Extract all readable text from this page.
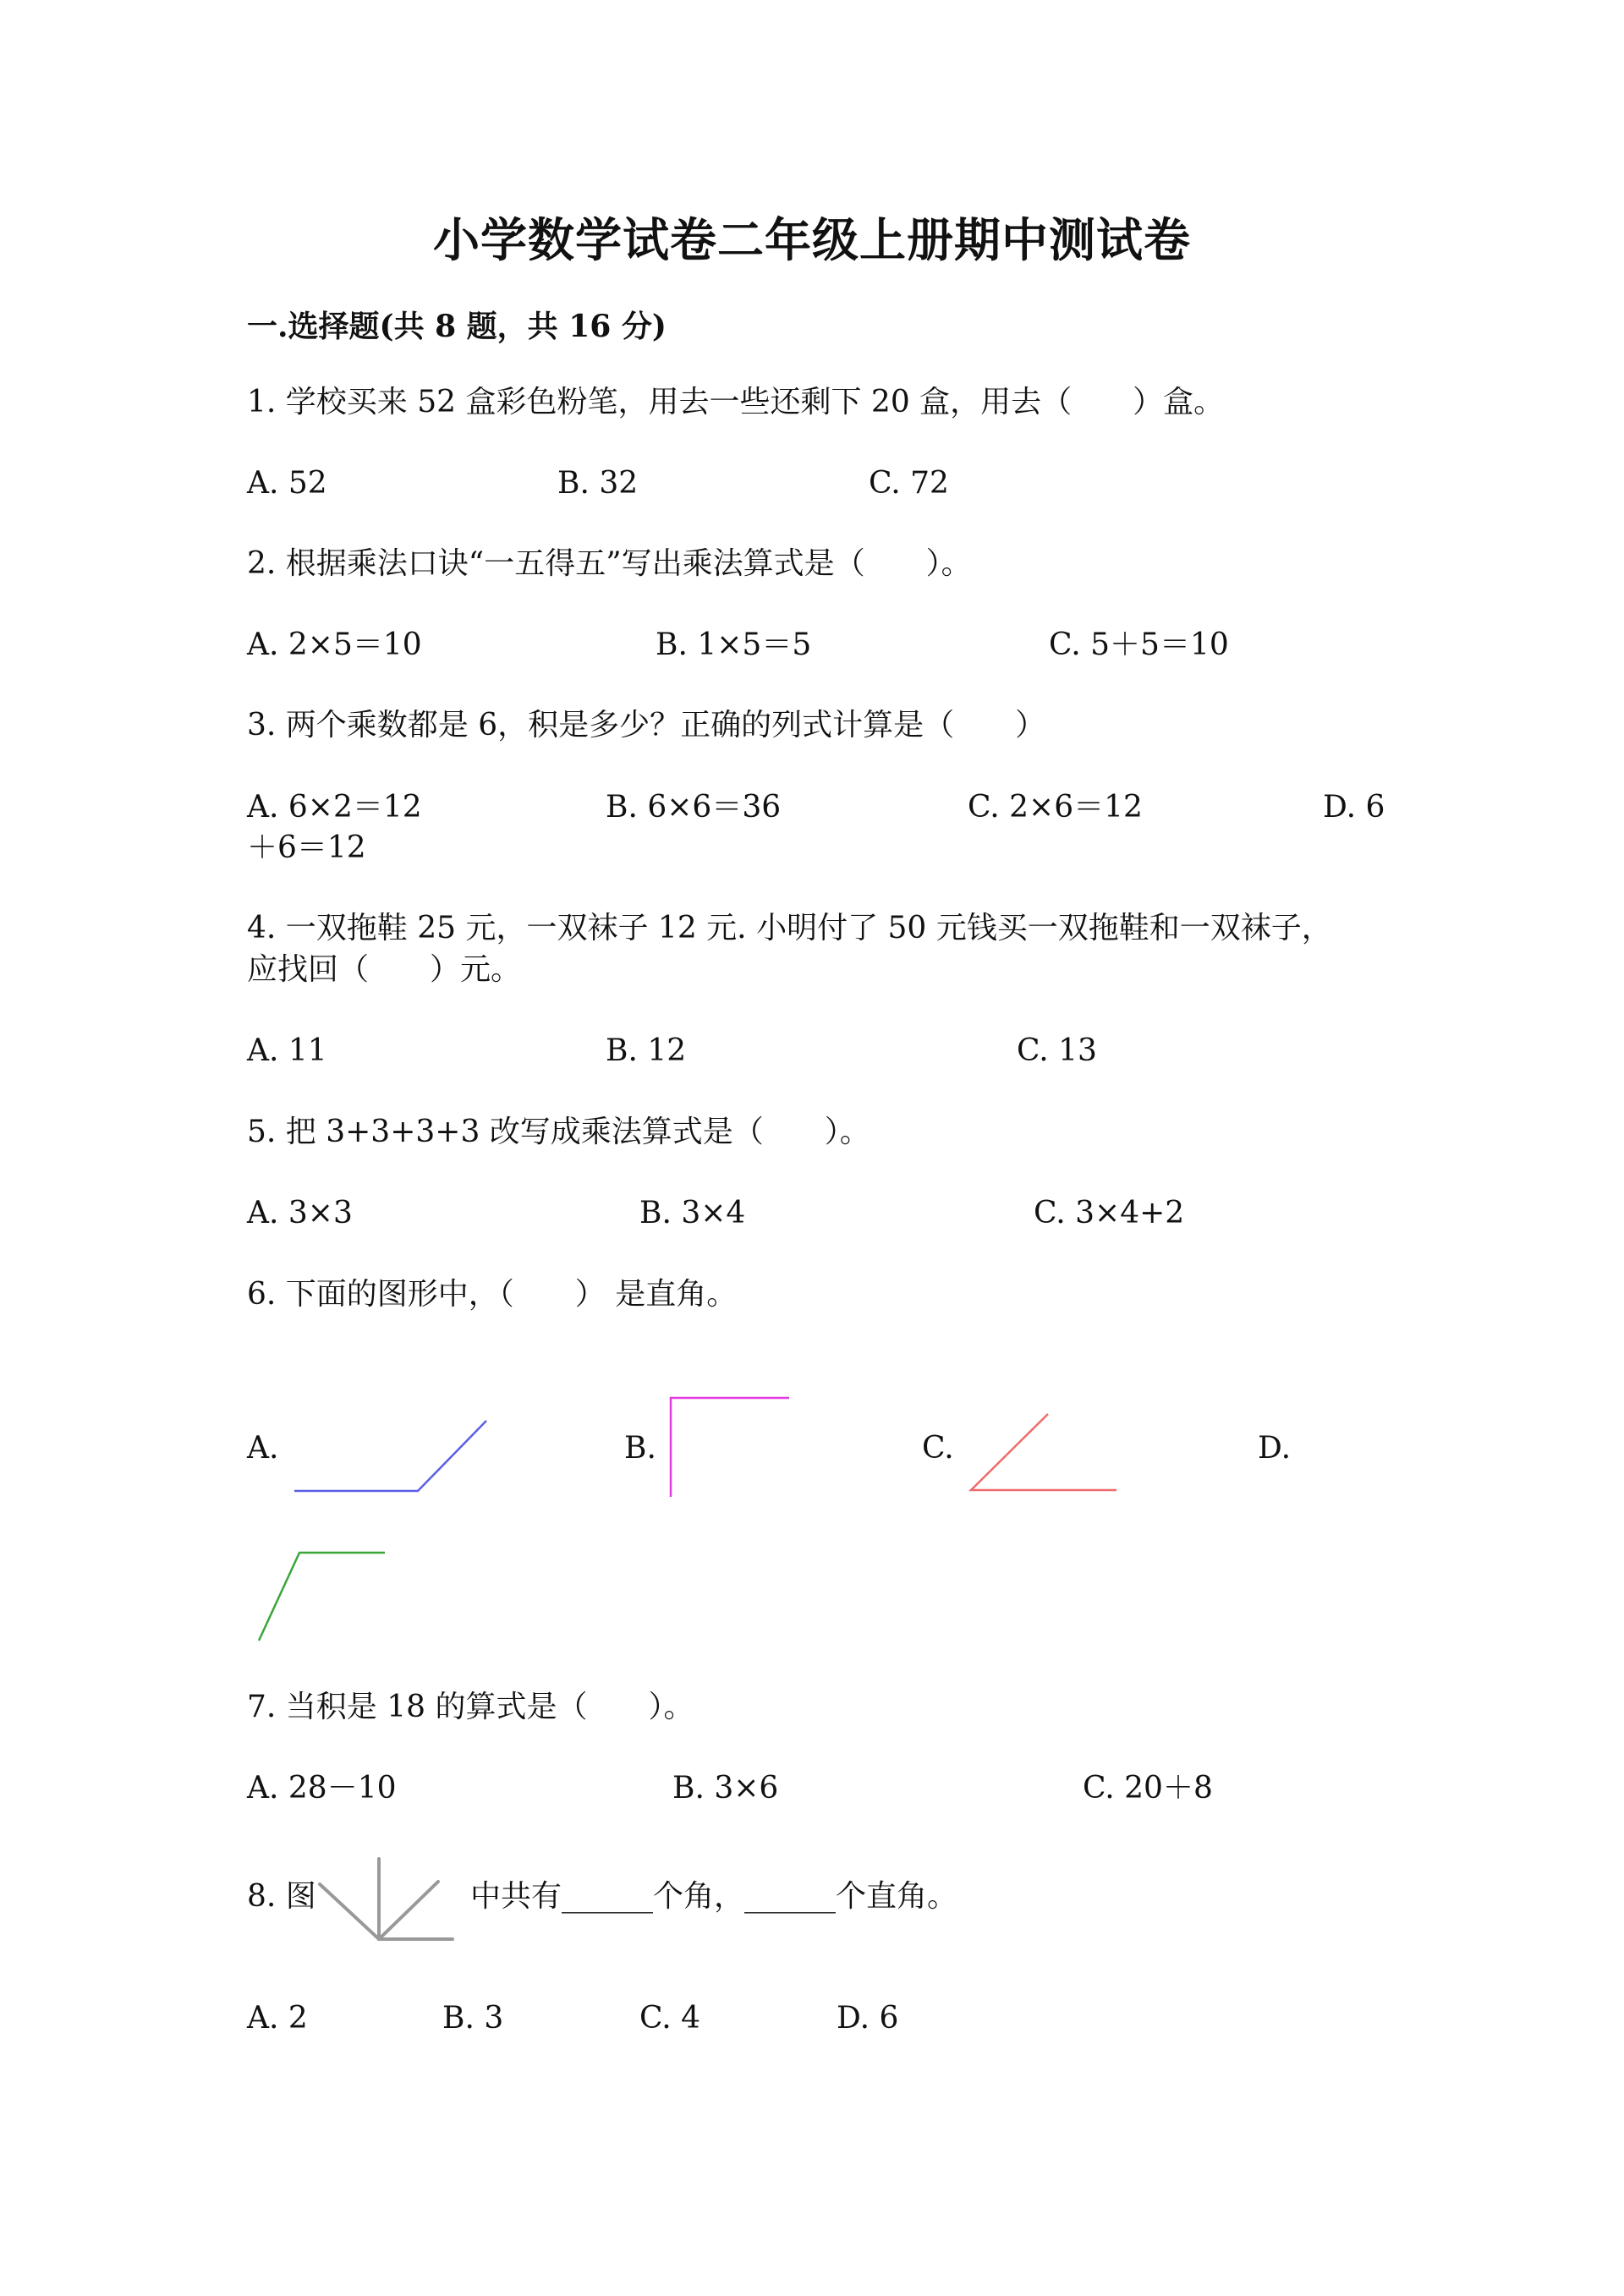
小学数学试卷二年级上册期中测试卷
一.选择题(共 8 题，共 16 分)
1. 学校买来 52 盒彩色粉笔，用去一些还剩下 20 盒，用去（　　）盒。
A. 52	B. 32	C. 72
2. 根据乘法口诀“一五得五”写出乘法算式是（　　）。
A. 2×5＝10	B. 1×5＝5	C. 5＋5＝10
3. 两个乘数都是 6，积是多少？正确的列式计算是（　　）
A. 6×2＝12	B. 6×6＝36	C. 2×6＝12	D. 6
＋6＝12
4. 一双拖鞋 25 元，一双袜子 12 元. 小明付了 50 元钱买一双拖鞋和一双袜子，
应找回（　　）元。
A. 11	B. 12	C. 13
5. 把 3+3+3+3 改写成乘法算式是（　　）。
A. 3×3	B. 3×4	C. 3×4+2
6. 下面的图形中，（　　） 是直角。
A.	B.	C.	D.
7. 当积是 18 的算式是（　　）。
A. 28－10	B. 3×6	C. 20＋8
8. 图	中共有______个角，______个直角。
A. 2	B. 3	C. 4	D. 6
